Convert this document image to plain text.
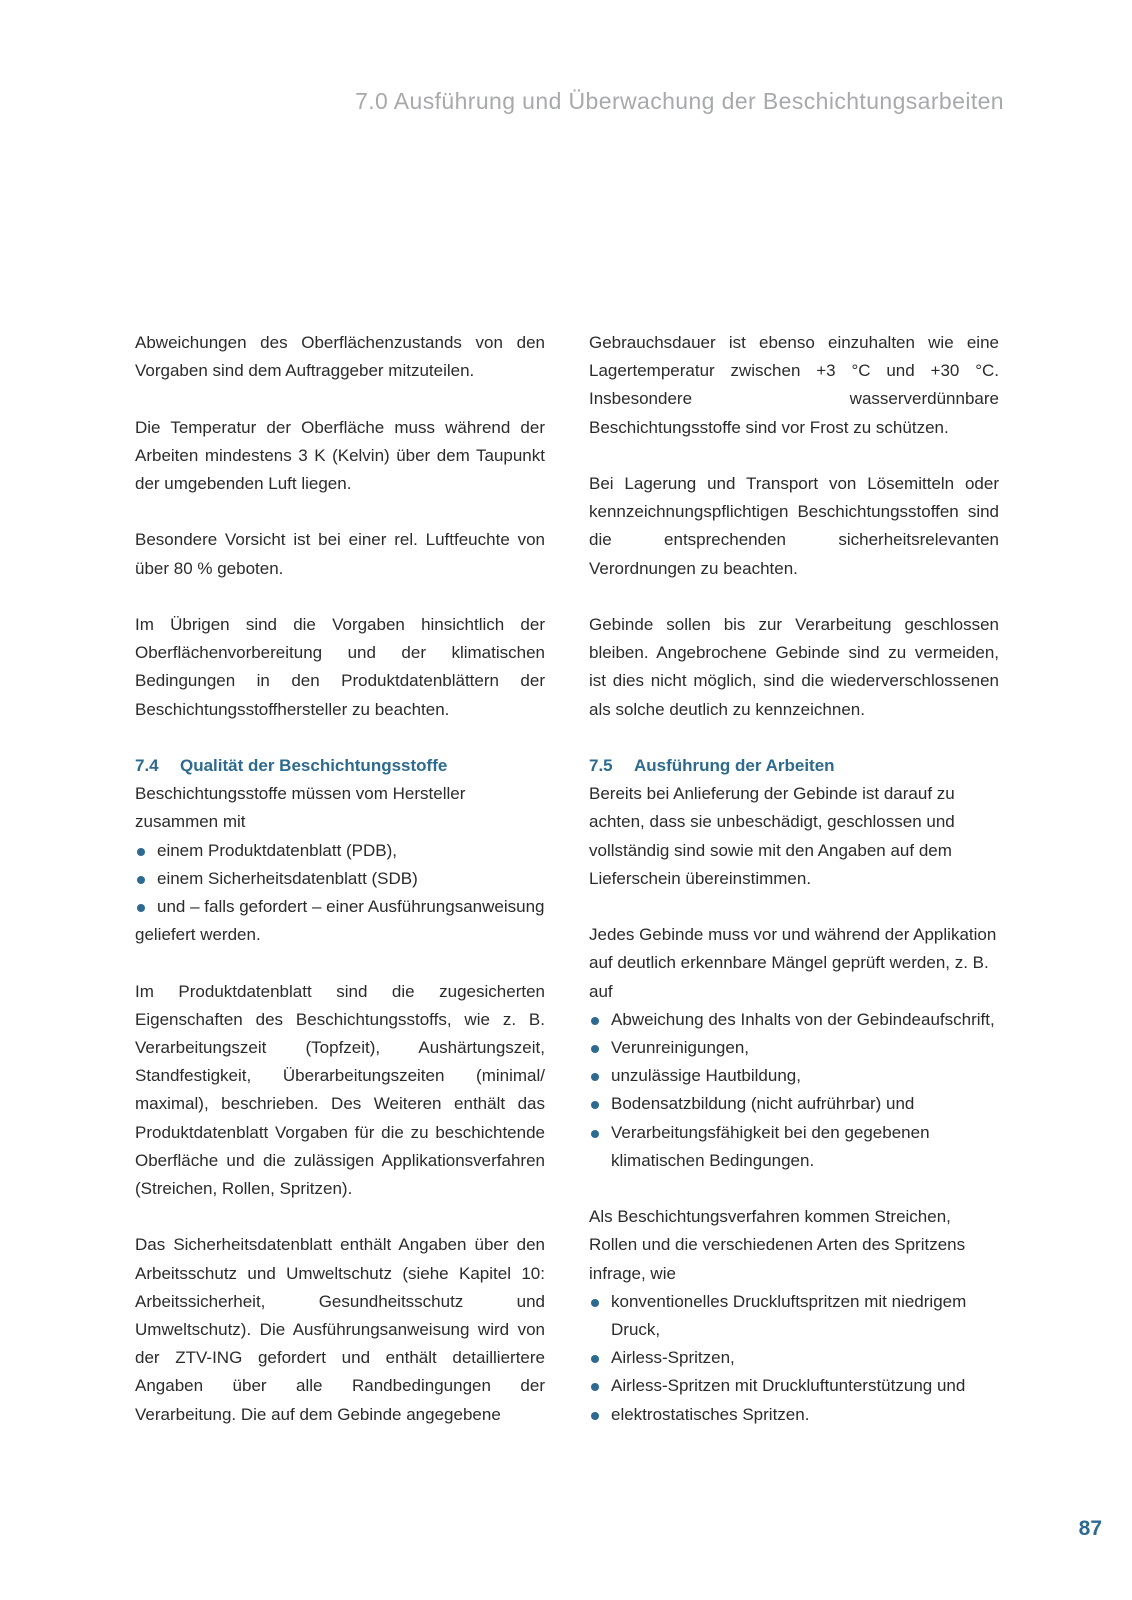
7.0 Ausführung und Überwachung der Beschichtungsarbeiten

Abweichungen des Oberflächenzustands von den Vorgaben sind dem Auftraggeber mitzuteilen.

Die Temperatur der Oberfläche muss während der Arbeiten mindestens 3 K (Kelvin) über dem Taupunkt der umgebenden Luft liegen.

Besondere Vorsicht ist bei einer rel. Luftfeuchte von über 80 % geboten.

Im Übrigen sind die Vorgaben hinsichtlich der Oberflächenvorbereitung und der klimatischen Bedingungen in den Produktdatenblättern der Beschichtungsstoffhersteller zu beachten.

7.4 Qualität der Beschichtungsstoffe

Beschichtungsstoffe müssen vom Hersteller zusammen mit

einem Produktdatenblatt (PDB),
einem Sicherheitsdatenblatt (SDB)
und – falls gefordert – einer Ausführungsanweisung

geliefert werden.

Im Produktdatenblatt sind die zugesicherten Eigenschaften des Beschichtungsstoffs, wie z. B. Verarbeitungszeit (Topfzeit), Aushärtungszeit, Standfestigkeit, Überarbeitungszeiten (minimal/ maximal), beschrieben. Des Weiteren enthält das Produktdatenblatt Vorgaben für die zu beschichtende Oberfläche und die zulässigen Applikationsverfahren (Streichen, Rollen, Spritzen).

Das Sicherheitsdatenblatt enthält Angaben über den Arbeitsschutz und Umweltschutz (siehe Kapitel 10: Arbeitssicherheit, Gesundheitsschutz und Umweltschutz). Die Ausführungsanweisung wird von der ZTV-ING gefordert und enthält detailliertere Angaben über alle Randbedingungen der Verarbeitung. Die auf dem Gebinde angegebene

Gebrauchsdauer ist ebenso einzuhalten wie eine Lagertemperatur zwischen +3 °C und +30 °C. Insbesondere wasserverdünnbare Beschichtungsstoffe sind vor Frost zu schützen.

Bei Lagerung und Transport von Lösemitteln oder kennzeichnungspflichtigen Beschichtungsstoffen sind die entsprechenden sicherheitsrelevanten Verordnungen zu beachten.

Gebinde sollen bis zur Verarbeitung geschlossen bleiben. Angebrochene Gebinde sind zu vermeiden, ist dies nicht möglich, sind die wiederverschlossenen als solche deutlich zu kennzeichnen.

7.5 Ausführung der Arbeiten

Bereits bei Anlieferung der Gebinde ist darauf zu achten, dass sie unbeschädigt, geschlossen und vollständig sind sowie mit den Angaben auf dem Lieferschein übereinstimmen.

Jedes Gebinde muss vor und während der Applikation auf deutlich erkennbare Mängel geprüft werden, z. B. auf

Abweichung des Inhalts von der Gebindeaufschrift,
Verunreinigungen,
unzulässige Hautbildung,
Bodensatzbildung (nicht aufrührbar) und
Verarbeitungsfähigkeit bei den gegebenen klimatischen Bedingungen.

Als Beschichtungsverfahren kommen Streichen, Rollen und die verschiedenen Arten des Spritzens infrage, wie

konventionelles Druckluftspritzen mit niedrigem Druck,
Airless-Spritzen,
Airless-Spritzen mit Druckluftunterstützung und
elektrostatisches Spritzen.
87
